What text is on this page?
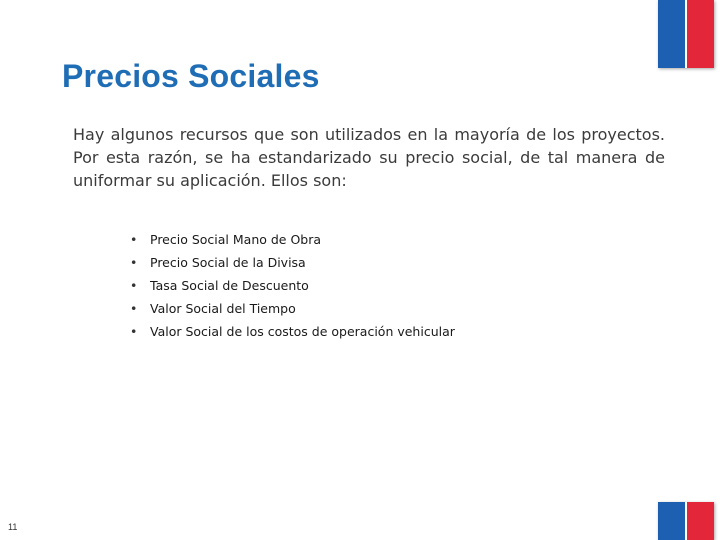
Precios Sociales
Hay algunos recursos que son utilizados en la mayoría de los proyectos. Por esta razón, se ha estandarizado su precio social, de tal manera de uniformar su aplicación. Ellos son:
• Precio Social Mano de Obra
• Precio Social de la Divisa
• Tasa Social de Descuento
• Valor Social del Tiempo
• Valor Social de los costos de operación vehicular
11
